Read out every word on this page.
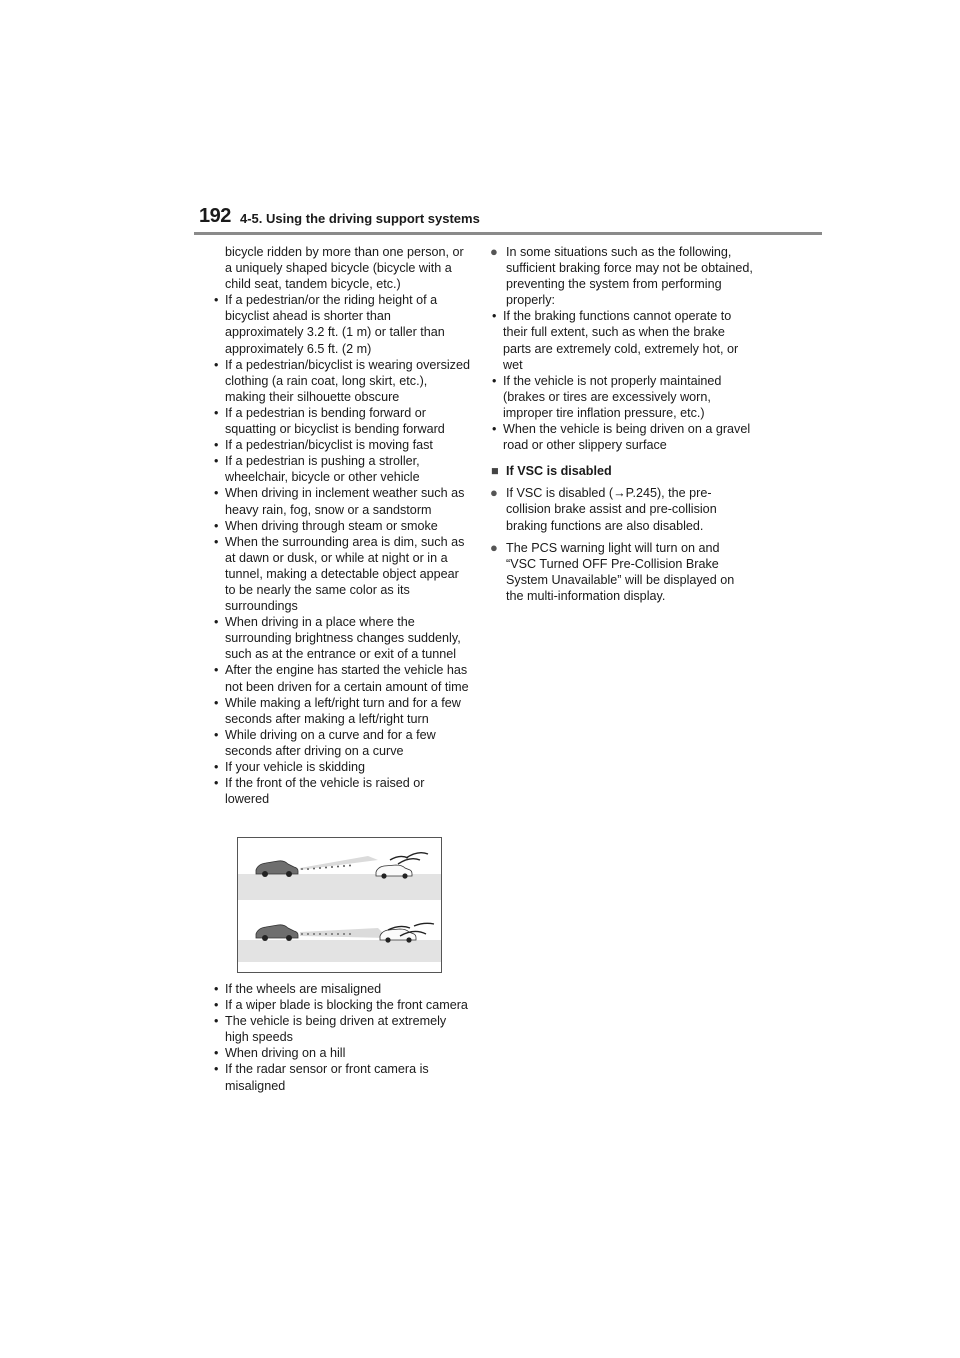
192 4-5. Using the driving support systems

bicycle ridden by more than one person, or a uniquely shaped bicycle (bicycle with a child seat, tandem bicycle, etc.)

• If a pedestrian/or the riding height of a bicyclist ahead is shorter than approximately 3.2 ft. (1 m) or taller than approximately 6.5 ft. (2 m)
• If a pedestrian/bicyclist is wearing oversized clothing (a rain coat, long skirt, etc.), making their silhouette obscure
• If a pedestrian is bending forward or squatting or bicyclist is bending forward
• If a pedestrian/bicyclist is moving fast
• If a pedestrian is pushing a stroller, wheelchair, bicycle or other vehicle
• When driving in inclement weather such as heavy rain, fog, snow or a sandstorm
• When driving through steam or smoke
• When the surrounding area is dim, such as at dawn or dusk, or while at night or in a tunnel, making a detectable object appear to be nearly the same color as its surroundings
• When driving in a place where the surrounding brightness changes suddenly, such as at the entrance or exit of a tunnel
• After the engine has started the vehicle has not been driven for a certain amount of time
• While making a left/right turn and for a few seconds after making a left/right turn
• While driving on a curve and for a few seconds after driving on a curve
• If your vehicle is skidding
• If the front of the vehicle is raised or lowered
• If the wheels are misaligned
• If a wiper blade is blocking the front camera
• The vehicle is being driven at extremely high speeds
• When driving on a hill
• If the radar sensor or front camera is misaligned

● In some situations such as the following, sufficient braking force may not be obtained, preventing the system from performing properly:

• If the braking functions cannot operate to their full extent, such as when the brake parts are extremely cold, extremely hot, or wet
• If the vehicle is not properly maintained (brakes or tires are excessively worn, improper tire inflation pressure, etc.)
• When the vehicle is being driven on a gravel road or other slippery surface
■ If VSC is disabled

● If VSC is disabled (→P.245), the pre-collision brake assist and pre-collision braking functions are also disabled.

● The PCS warning light will turn on and “VSC Turned OFF Pre-Collision Brake System Unavailable” will be displayed on the multi-information display.
